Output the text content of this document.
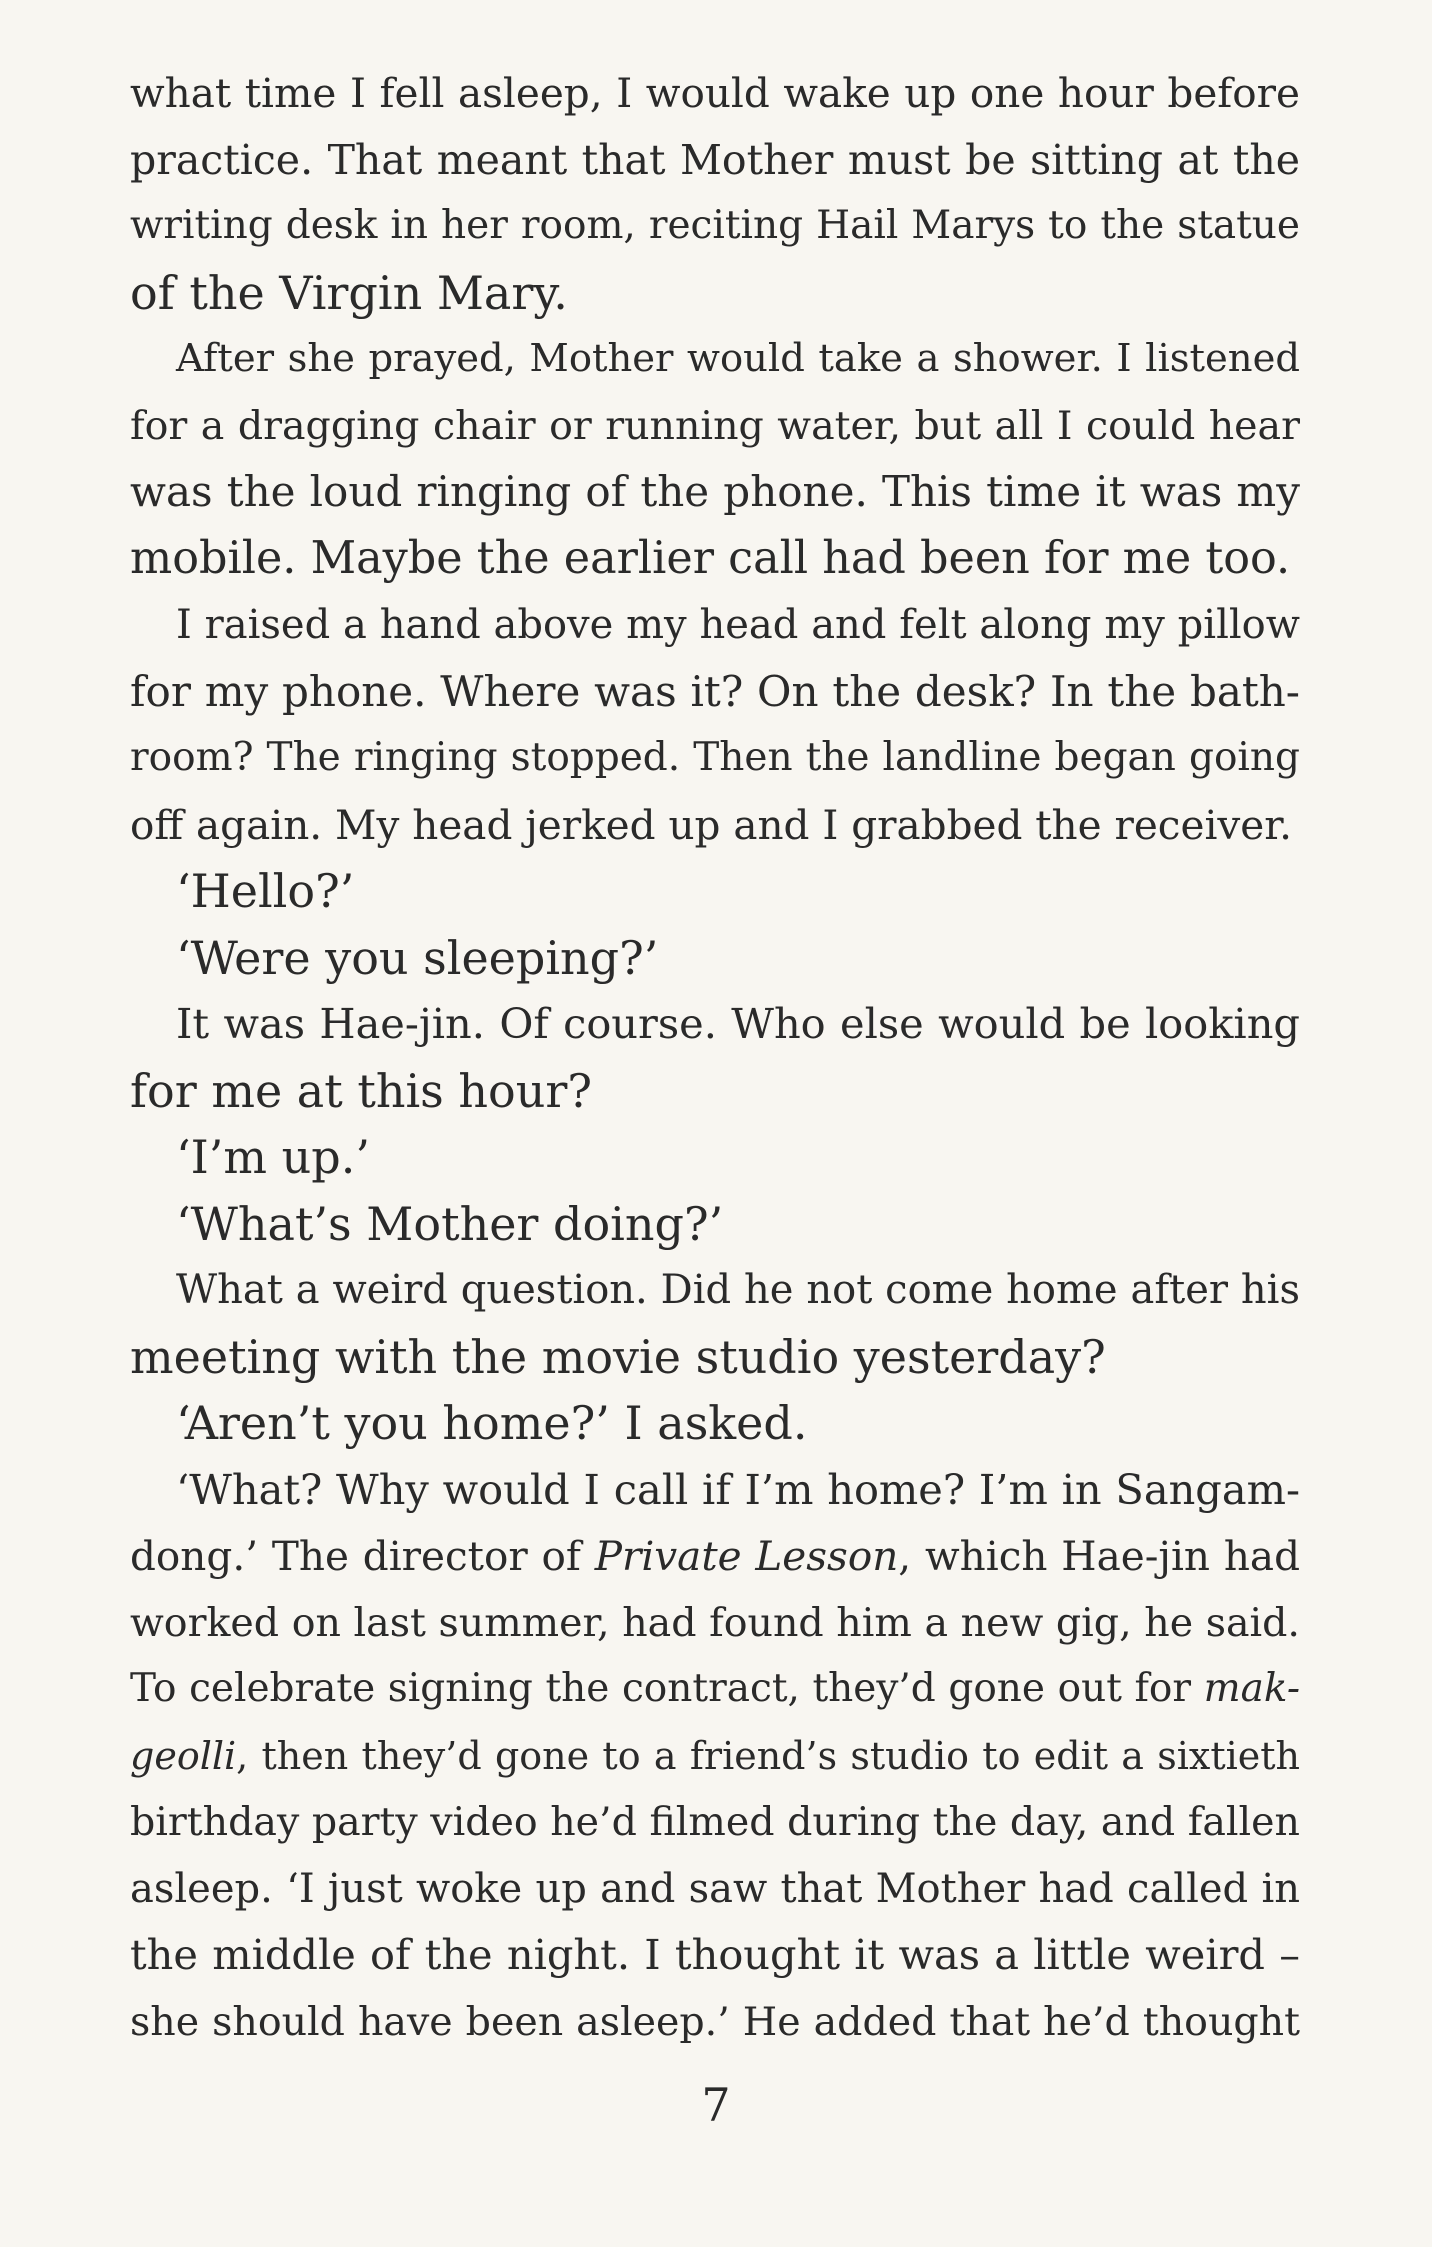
what time I fell asleep, I would wake up one hour before
practice. That meant that Mother must be sitting at the
writing desk in her room, reciting Hail Marys to the statue
of the Virgin Mary.
After she prayed, Mother would take a shower. I listened
for a dragging chair or running water, but all I could hear
was the loud ringing of the phone. This time it was my
mobile. Maybe the earlier call had been for me too.
I raised a hand above my head and felt along my pillow
for my phone. Where was it? On the desk? In the bath-
room? The ringing stopped. Then the landline began going
off again. My head jerked up and I grabbed the receiver.
‘Hello?’
‘Were you sleeping?’
It was Hae-jin. Of course. Who else would be looking
for me at this hour?
‘I’m up.’
‘What’s Mother doing?’
What a weird question. Did he not come home after his
meeting with the movie studio yesterday?
‘Aren’t you home?’ I asked.
‘What? Why would I call if I’m home? I’m in Sangam-
dong.’ The director of Private Lesson, which Hae-jin had
worked on last summer, had found him a new gig, he said.
To celebrate signing the contract, they’d gone out for mak-
geolli, then they’d gone to a friend’s studio to edit a sixtieth
birthday party video he’d filmed during the day, and fallen
asleep. ‘I just woke up and saw that Mother had called in
the middle of the night. I thought it was a little weird –
she should have been asleep.’ He added that he’d thought
7
